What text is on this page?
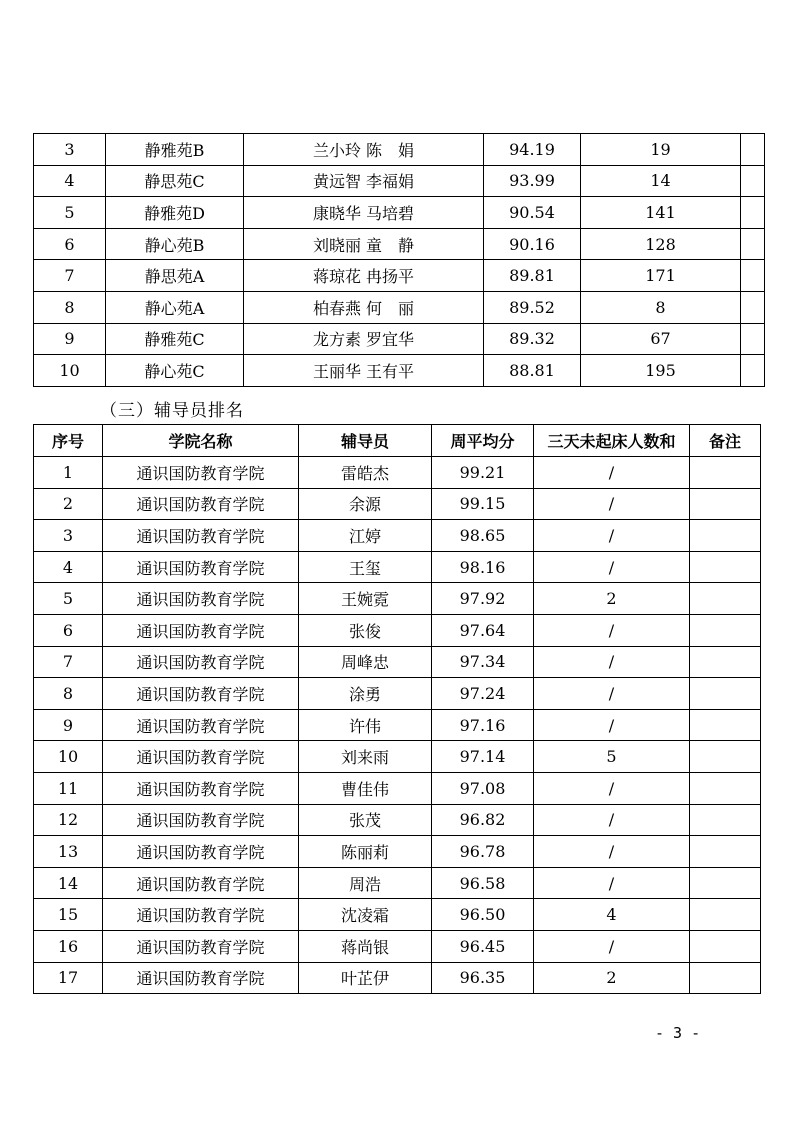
3	静雅苑B	兰小玲 陈　娟	94.19	19	
4	静思苑C	黄远智 李福娟	93.99	14	
5	静雅苑D	康晓华 马培碧	90.54	141	
6	静心苑B	刘晓丽 童　静	90.16	128	
7	静思苑A	蒋琼花 冉扬平	89.81	171	
8	静心苑A	柏春燕 何　丽	89.52	8	
9	静雅苑C	龙方素 罗宜华	89.32	67	
10	静心苑C	王丽华 王有平	88.81	195	
（三）辅导员排名
序号	学院名称	辅导员	周平均分	三天未起床人数和	备注
1	通识国防教育学院	雷皓杰	99.21	/	
2	通识国防教育学院	余源	99.15	/	
3	通识国防教育学院	江婷	98.65	/	
4	通识国防教育学院	王玺	98.16	/	
5	通识国防教育学院	王婉霓	97.92	2	
6	通识国防教育学院	张俊	97.64	/	
7	通识国防教育学院	周峰忠	97.34	/	
8	通识国防教育学院	涂勇	97.24	/	
9	通识国防教育学院	许伟	97.16	/	
10	通识国防教育学院	刘来雨	97.14	5	
11	通识国防教育学院	曹佳伟	97.08	/	
12	通识国防教育学院	张茂	96.82	/	
13	通识国防教育学院	陈丽莉	96.78	/	
14	通识国防教育学院	周浩	96.58	/	
15	通识国防教育学院	沈凌霜	96.50	4	
16	通识国防教育学院	蒋尚银	96.45	/	
17	通识国防教育学院	叶芷伊	96.35	2	
- 3 -
